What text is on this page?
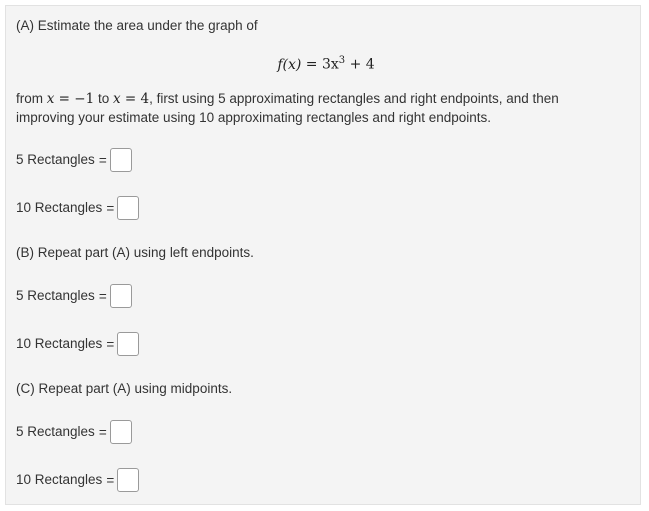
(A) Estimate the area under the graph of
$f(x) = 3x^3 + 4$
from x = −1 to x = 4, first using 5 approximating rectangles and right endpoints, and then
improving your estimate using 10 approximating rectangles and right endpoints.
5 Rectangles =
10 Rectangles =
(B) Repeat part (A) using left endpoints.
5 Rectangles =
10 Rectangles =
(C) Repeat part (A) using midpoints.
5 Rectangles =
10 Rectangles =
